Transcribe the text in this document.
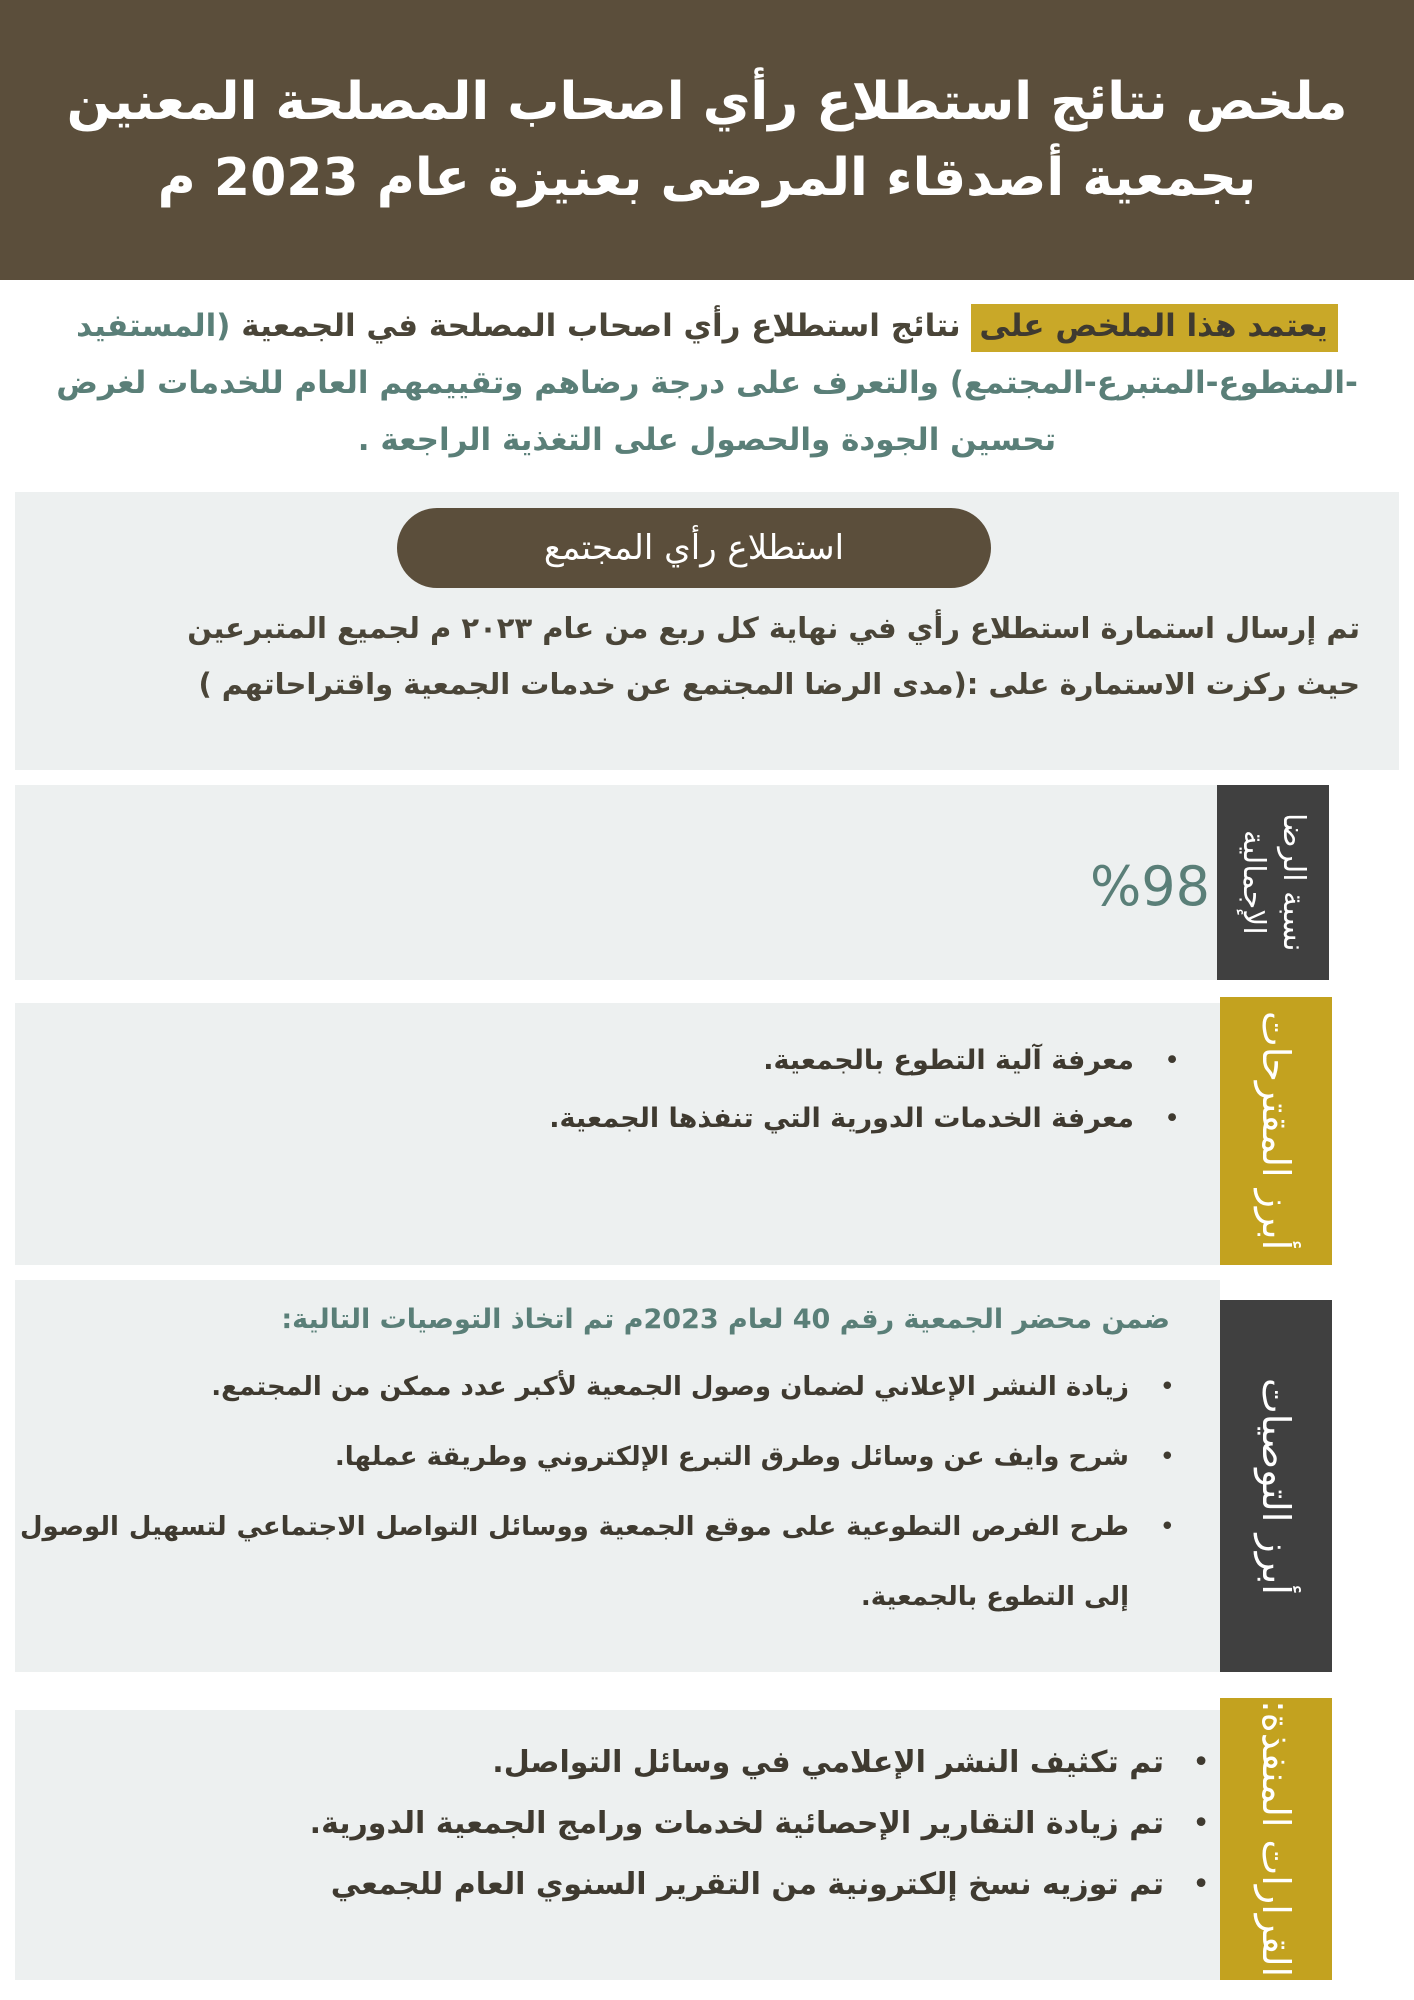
ملخص نتائج استطلاع رأي اصحاب المصلحة المعنين
بجمعية أصدقاء المرضى بعنيزة عام 2023 م
يعتمد هذا الملخص على نتائج استطلاع رأي اصحاب المصلحة في الجمعية (المستفيد -المتطوع-المتبرع-المجتمع) والتعرف على درجة رضاهم وتقييمهم العام للخدمات لغرض تحسين الجودة والحصول على التغذية الراجعة .
استطلاع رأي المجتمع
تم إرسال استمارة استطلاع رأي في نهاية كل ربع من عام ٢٠٢٣ م لجميع المتبرعين
حيث ركزت الاستمارة على :(مدى الرضا المجتمع عن خدمات الجمعية واقتراحاتهم )
نسبة الرضا
الإجمالية
%98
أبرز المقترحات
• معرفة آلية التطوع بالجمعية.
• معرفة الخدمات الدورية التي تنفذها الجمعية.
أبرز التوصيات
ضمن محضر الجمعية رقم 40 لعام 2023م تم اتخاذ التوصيات التالية:
• زيادة النشر الإعلاني لضمان وصول الجمعية لأكبر عدد ممكن من المجتمع.
• شرح وايف عن وسائل وطرق التبرع الإلكتروني وطريقة عملها.
• طرح الفرص التطوعية على موقع الجمعية ووسائل التواصل الاجتماعي لتسهيل الوصول إلى التطوع بالجمعية.
القرارات المنفذة:
• تم تكثيف النشر الإعلامي في وسائل التواصل.
• تم زيادة التقارير الإحصائية لخدمات ورامج الجمعية الدورية.
• تم توزيه نسخ إلكترونية من التقرير السنوي العام للجمعي
